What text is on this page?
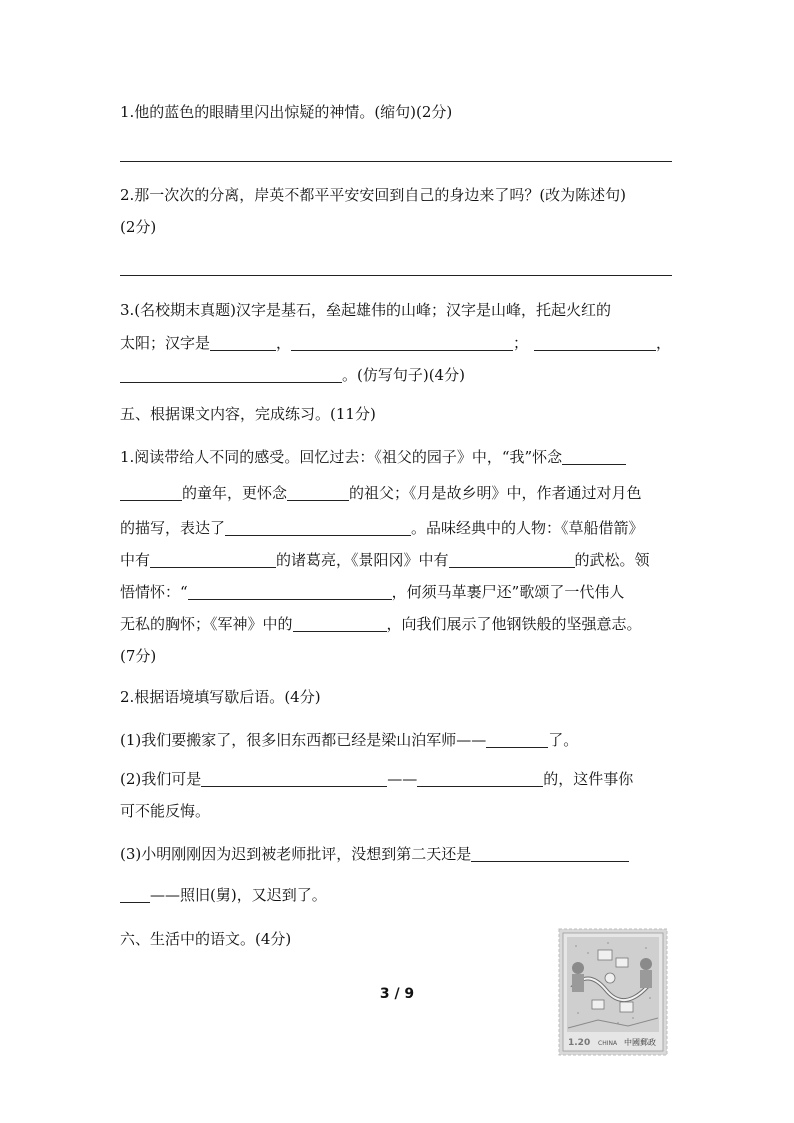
1.他的蓝色的眼睛里闪出惊疑的神情。(缩句)(2分)
2.那一次次的分离，岸英不都平平安安回到自己的身边来了吗？(改为陈述句)
(2分)
3.(名校期末真题)汉字是基石，垒起雄伟的山峰；汉字是山峰，托起火红的
太阳；汉字是	，	；	，
。(仿写句子)(4分)
五、根据课文内容，完成练习。(11分)
1.阅读带给人不同的感受。回忆过去：《祖父的园子》中，“我”怀念
的童年，更怀念	的祖父；《月是故乡明》中，作者通过对月色
的描写，表达了	。品味经典中的人物：《草船借箭》
中有	的诸葛亮，《景阳冈》中有	的武松。领
悟情怀：“	，何须马革裹尸还”歌颂了一代伟人
无私的胸怀；《军神》中的	，向我们展示了他钢铁般的坚强意志。
(7分)
2.根据语境填写歇后语。(4分)
(1)我们要搬家了，很多旧东西都已经是梁山泊军师——	了。
(2)我们可是	——	的，这件事你
可不能反悔。
(3)小明刚刚因为迟到被老师批评，没想到第二天还是
——照旧(舅)，又迟到了。
六、生活中的语文。(4分)
1.20 CHINA 中國郵政
3 / 9
